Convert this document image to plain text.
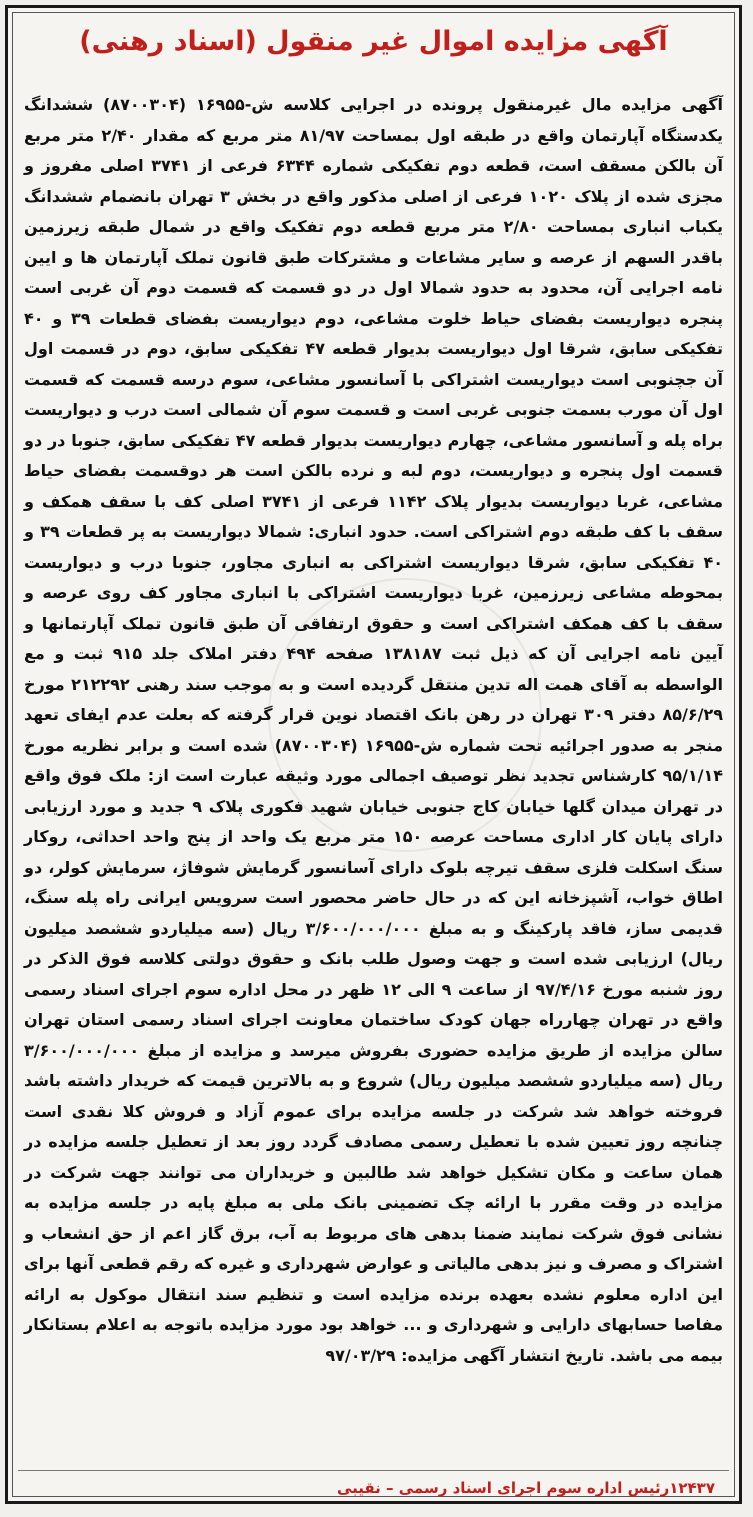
آگهی مزایده اموال غیر منقول (اسناد رهنی)
آگهی مزایده مال غیرمنقول پرونده در اجرایی کلاسه ش-۱۶۹۵۵ (۸۷۰۰۳۰۴) ششدانگ یکدستگاه آپارتمان واقع در طبقه اول بمساحت ۸۱/۹۷ متر مربع که مقدار ۲/۴۰ متر مربع آن بالکن مسقف است، قطعه دوم تفکیکی شماره ۶۳۴۴ فرعی از ۳۷۴۱ اصلی مفروز و مجزی شده از پلاک ۱۰۲۰ فرعی از اصلی مذکور واقع در بخش ۳ تهران بانضمام ششدانگ یکباب انباری بمساحت ۲/۸۰ متر مربع قطعه دوم تفکیک واقع در شمال طبقه زیرزمین باقدر السهم از عرصه و سایر مشاعات و مشترکات طبق قانون تملک آپارتمان ها و ایین نامه اجرایی آن، محدود به حدود شمالا اول در دو قسمت که قسمت دوم آن غربی است پنجره دیواریست بفضای حیاط خلوت مشاعی، دوم دیواریست بفضای قطعات ۳۹ و ۴۰ تفکیکی سابق، شرقا اول دیواریست بدیوار قطعه ۴۷ تفکیکی سابق، دوم در قسمت اول آن جچنوبی است دیواریست اشتراکی با آسانسور مشاعی، سوم درسه قسمت که قسمت اول آن مورب بسمت جنوبی غربی است و قسمت سوم آن شمالی است درب و دیواریست براه پله و آسانسور مشاعی، چهارم دیواریست بدیوار قطعه ۴۷ تفکیکی سابق، جنوبا در دو قسمت اول پنجره و دیواریست، دوم لبه و نرده بالکن است هر دوقسمت بفضای حیاط مشاعی، غربا دیواریست بدیوار پلاک ۱۱۴۲ فرعی از ۳۷۴۱ اصلی کف با سقف همکف و سقف با کف طبقه دوم اشتراکی است. حدود انباری: شمالا دیواریست به پر قطعات ۳۹ و ۴۰ تفکیکی سابق، شرقا دیواریست اشتراکی به انباری مجاور، جنوبا درب و دیواریست بمحوطه مشاعی زیرزمین، غربا دیواریست اشتراکی با انباری مجاور کف روی عرصه و سقف با کف همکف اشتراکی است و حقوق ارتفاقی آن طبق قانون تملک آپارتمانها و آیین نامه اجرایی آن که ذیل ثبت ۱۳۸۱۸۷ صفحه ۴۹۴ دفتر املاک جلد ۹۱۵ ثبت و مع الواسطه به آقای همت اله تدین منتقل گردیده است و به موجب سند رهنی ۲۱۲۲۹۲ مورخ ۸۵/۶/۲۹ دفتر ۳۰۹ تهران در رهن بانک اقتصاد نوین قرار گرفته که بعلت عدم ایفای تعهد منجر به صدور اجرائیه تحت شماره ش-۱۶۹۵۵ (۸۷۰۰۳۰۴) شده است و برابر نظریه مورخ ۹۵/۱/۱۴ کارشناس تجدید نظر توصیف اجمالی مورد وثیقه عبارت است از: ملک فوق واقع در تهران میدان گلها خیابان کاج جنوبی خیابان شهید فکوری پلاک ۹ جدید و مورد ارزیابی دارای پایان کار اداری مساحت عرصه ۱۵۰ متر مربع یک واحد از پنج واحد احداثی، روکار سنگ اسکلت فلزی سقف تیرچه بلوک دارای آسانسور گرمایش شوفاژ، سرمایش کولر، دو اطاق خواب، آشپزخانه این که در حال حاضر محصور است سرویس ایرانی راه پله سنگ، قدیمی ساز، فاقد پارکینگ و به مبلغ ۳/۶۰۰/۰۰۰/۰۰۰ ریال (سه میلیاردو ششصد میلیون ریال) ارزیابی شده است و جهت وصول طلب بانک و حقوق دولتی کلاسه فوق الذکر در روز شنبه مورخ ۹۷/۴/۱۶ از ساعت ۹ الی ۱۲ ظهر در محل اداره سوم اجرای اسناد رسمی واقع در تهران چهارراه جهان کودک ساختمان معاونت اجرای اسناد رسمی استان تهران سالن مزایده از طریق مزایده حضوری بفروش میرسد و مزایده از مبلغ ۳/۶۰۰/۰۰۰/۰۰۰ ریال (سه میلیاردو ششصد میلیون ریال) شروع و به بالاترین قیمت که خریدار داشته باشد فروخته خواهد شد شرکت در جلسه مزایده برای عموم آزاد و فروش کلا نقدی است چنانچه روز تعیین شده با تعطیل رسمی مصادف گردد روز بعد از تعطیل جلسه مزایده در همان ساعت و مکان تشکیل خواهد شد طالبین و خریداران می توانند جهت شرکت در مزایده در وقت مقرر با ارائه چک تضمینی بانک ملی به مبلغ پایه در جلسه مزایده به نشانی فوق شرکت نمایند ضمنا بدهی های مربوط به آب، برق گاز اعم از حق انشعاب و اشتراک و مصرف و نیز بدهی مالیاتی و عوارض شهرداری و غیره که رقم قطعی آنها برای این اداره معلوم نشده بعهده برنده مزایده است و تنظیم سند انتقال موکول به ارائه مفاصا حسابهای دارایی و شهرداری و ... خواهد بود مورد مزایده باتوجه به اعلام بستانکار بیمه می باشد. تاریخ انتشار آگهی مزایده: ۹۷/۰۳/۲۹
۱۲۴۳۷رئیس اداره سوم اجرای اسناد رسمی – نقیبی
